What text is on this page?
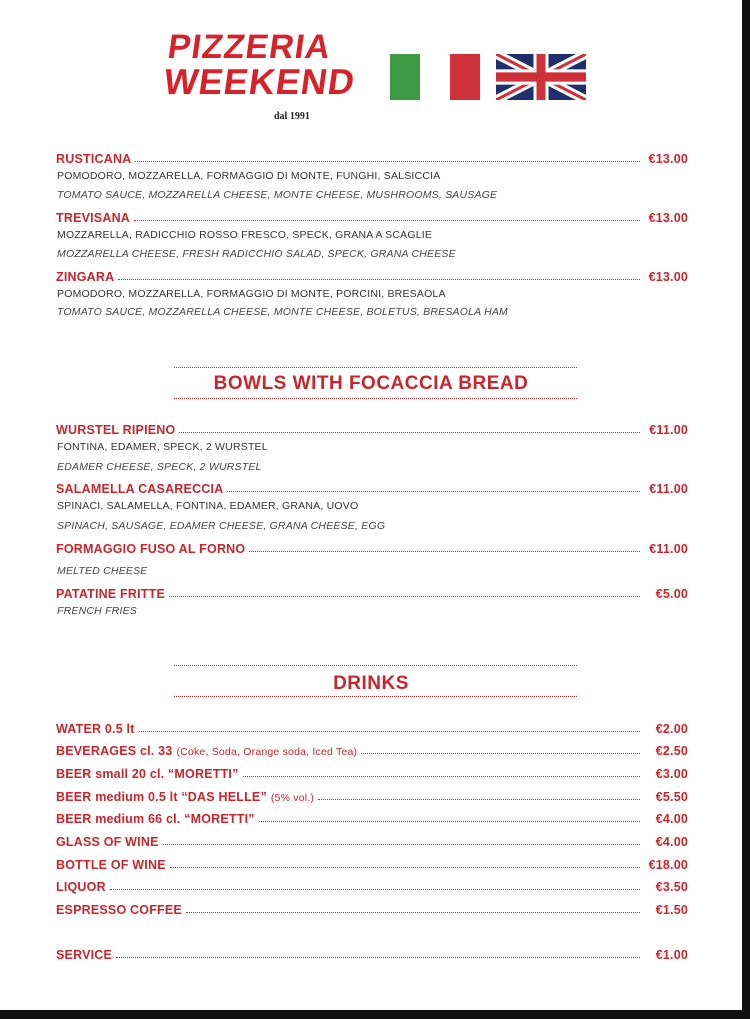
PIZZERIA
WEEKEND
dal 1991
RUSTICANA	€13.00
POMODORO, MOZZARELLA, FORMAGGIO DI MONTE, FUNGHI, SALSICCIA
TOMATO SAUCE, MOZZARELLA CHEESE, MONTE CHEESE, MUSHROOMS, SAUSAGE
TREVISANA	€13.00
MOZZARELLA, RADICCHIO ROSSO FRESCO, SPECK, GRANA A SCAGLIE
MOZZARELLA CHEESE, FRESH RADICCHIO SALAD, SPECK, GRANA CHEESE
ZINGARA	€13.00
POMODORO, MOZZARELLA, FORMAGGIO DI MONTE, PORCINI, BRESAOLA
TOMATO SAUCE, MOZZARELLA CHEESE, MONTE CHEESE, BOLETUS, BRESAOLA HAM
BOWLS WITH FOCACCIA BREAD
WURSTEL RIPIENO	€11.00
FONTINA, EDAMER, SPECK, 2 WURSTEL
EDAMER CHEESE, SPECK, 2 WURSTEL
SALAMELLA CASARECCIA	€11.00
SPINACI, SALAMELLA, FONTINA, EDAMER, GRANA, UOVO
SPINACH, SAUSAGE, EDAMER CHEESE, GRANA CHEESE, EGG
FORMAGGIO FUSO AL FORNO	€11.00
MELTED CHEESE
PATATINE FRITTE	€5.00
FRENCH FRIES
DRINKS
WATER 0.5 lt	€2.00
BEVERAGES cl. 33 (Coke, Soda, Orange soda, Iced Tea)	€2.50
BEER small 20 cl. “MORETTI”	€3.00
BEER medium 0.5 lt “DAS HELLE” (5% vol.)	€5.50
BEER medium 66 cl. “MORETTI”	€4.00
GLASS OF WINE	€4.00
BOTTLE OF WINE	€18.00
LIQUOR	€3.50
ESPRESSO COFFEE	€1.50
SERVICE	€1.00
